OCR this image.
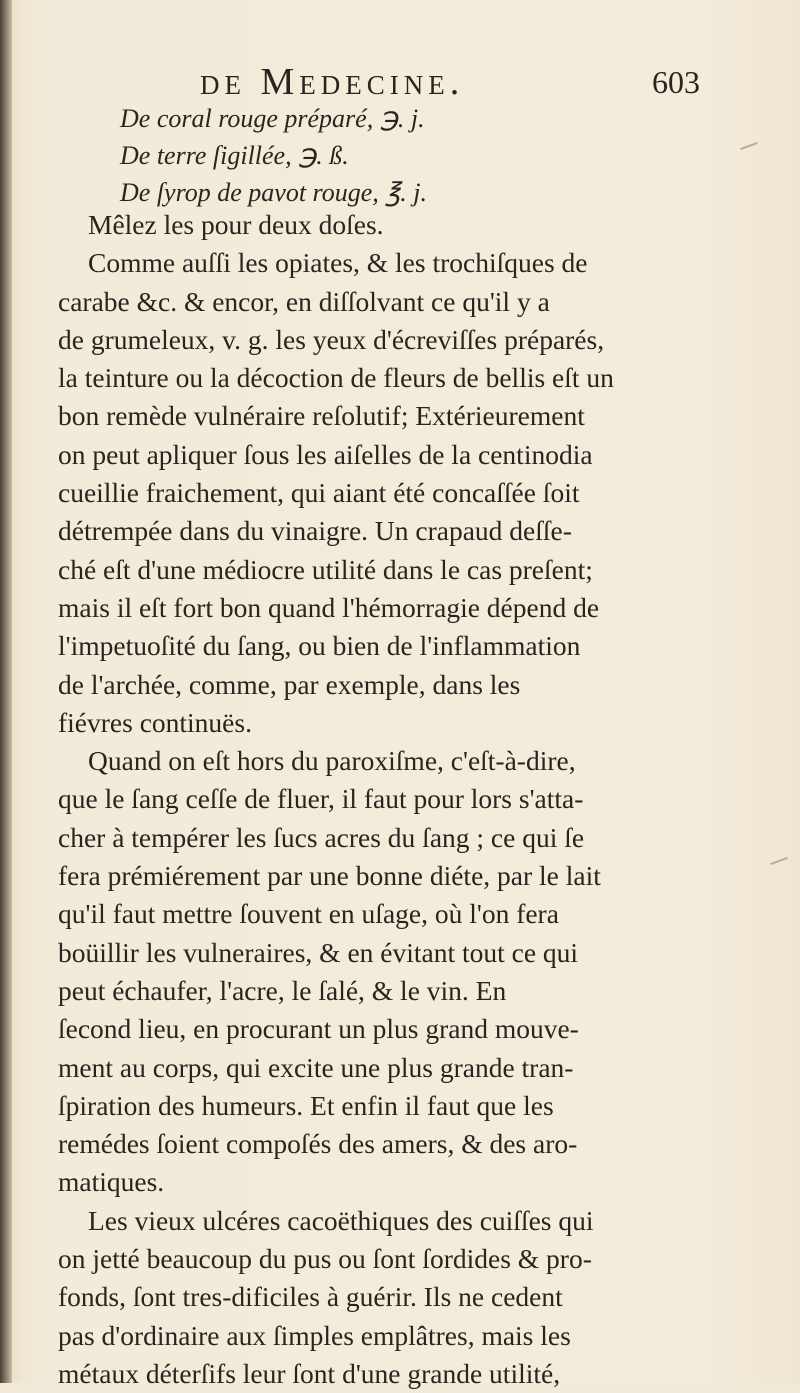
de Medecine.	603
De coral rouge préparé, ℈. j.
De terre ſigillée, ℈. ß.
De ſyrop de pavot rouge, ℥. j.
Mêlez les pour deux doſes.
Comme auſſi les opiates, & les trochiſques de
carabe &c. & encor, en diſſolvant ce qu'il y a
de grumeleux, v. g. les yeux d'écreviſſes préparés,
la teinture ou la décoction de fleurs de bellis eſt un
bon remède vulnéraire reſolutif; Extérieurement
on peut apliquer ſous les aiſelles de la centinodia
cueillie fraichement, qui aiant été concaſſée ſoit
détrempée dans du vinaigre. Un crapaud deſſe-
ché eſt d'une médiocre utilité dans le cas preſent;
mais il eſt fort bon quand l'hémorragie dépend de
l'impetuoſité du ſang, ou bien de l'inflammation
de l'archée, comme, par exemple, dans les
fiévres continuës.
Quand on eſt hors du paroxiſme, c'eſt-à-dire,
que le ſang ceſſe de fluer, il faut pour lors s'atta-
cher à tempérer les ſucs acres du ſang ; ce qui ſe
fera prémiérement par une bonne diéte, par le lait
qu'il faut mettre ſouvent en uſage, où l'on fera
boüillir les vulneraires, & en évitant tout ce qui
peut échaufer, l'acre, le ſalé, & le vin. En
ſecond lieu, en procurant un plus grand mouve-
ment au corps, qui excite une plus grande tran-
ſpiration des humeurs. Et enfin il faut que les
remédes ſoient compoſés des amers, & des aro-
matiques.
Les vieux ulcéres cacoëthiques des cuiſſes qui
on jetté beaucoup du pus ou ſont ſordides & pro-
fonds, ſont tres-dificiles à guérir. Ils ne cedent
pas d'ordinaire aux ſimples emplâtres, mais les
métaux déterſifs leur ſont d'une grande utilité,
